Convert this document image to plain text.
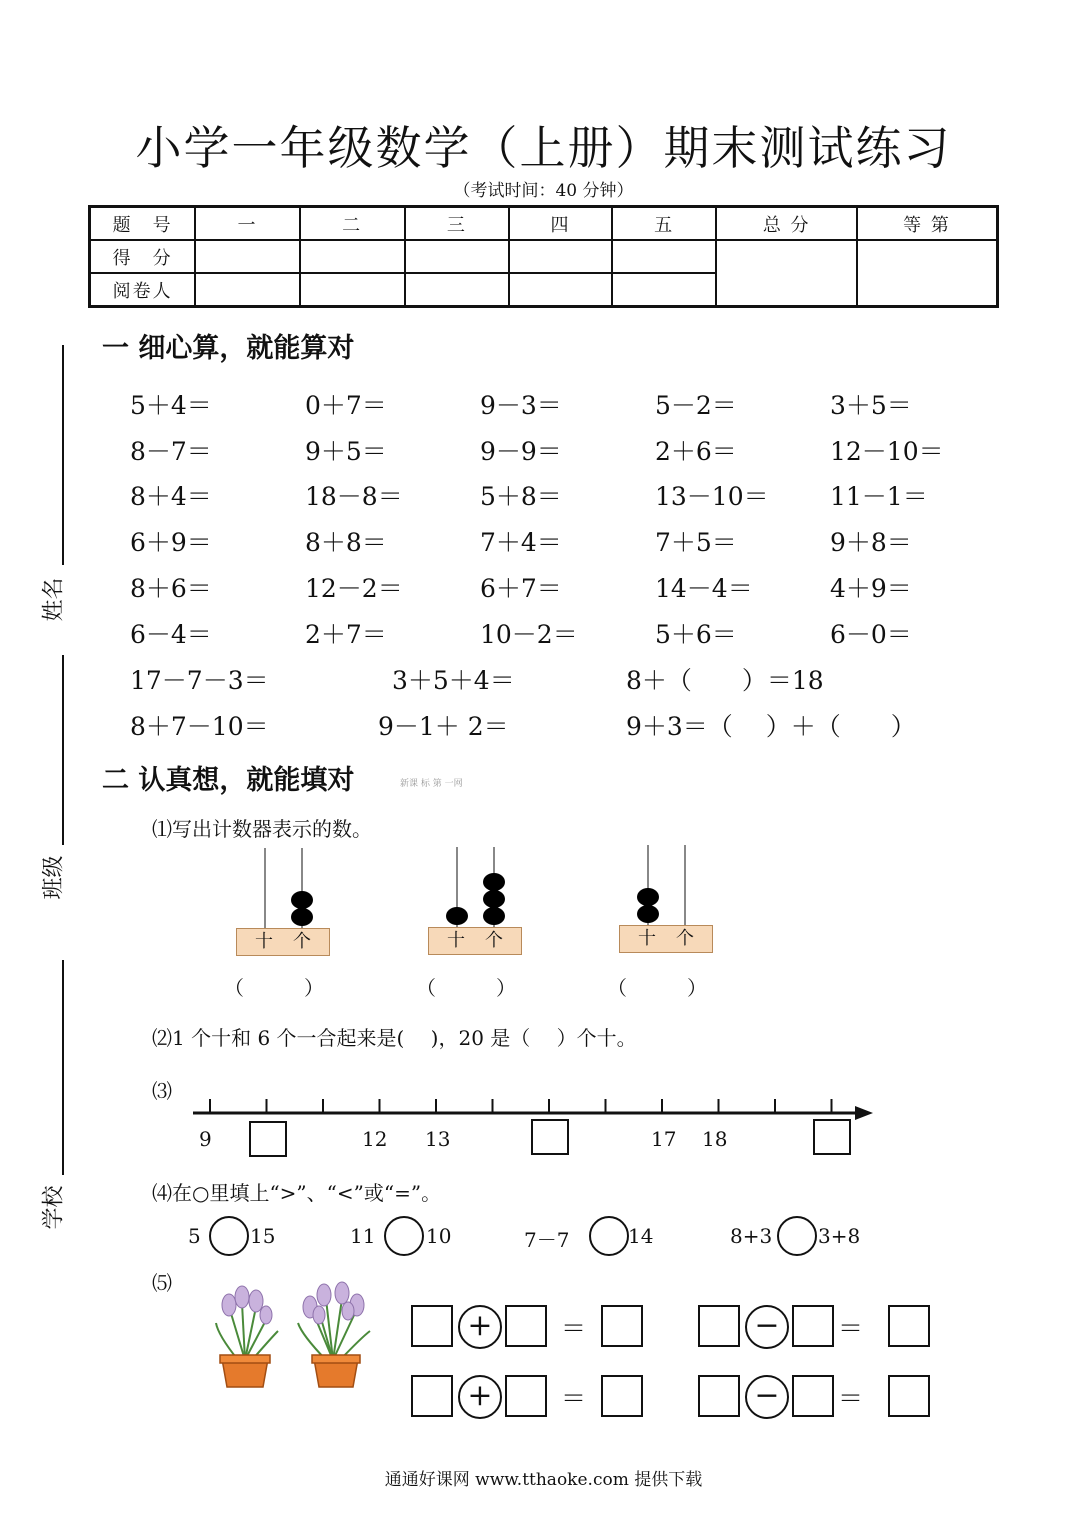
小学一年级数学（上册）期末测试练习
（考试时间：40 分钟）
题　号	一	二	三	四	五	总 分	等 第
得　分							
阅卷人							
姓名
班级
学校
一 细心算，就能算对
5＋4＝	0＋7＝	9－3＝	5－2＝	3＋5＝
8－7＝	9＋5＝	9－9＝	2＋6＝	12－10＝
8＋4＝	18－8＝	5＋8＝	13－10＝ 11－1＝
6＋9＝	8＋8＝	7＋4＝	7＋5＝	9＋8＝
8＋6＝	12－2＝	6＋7＝	14－4＝	4＋9＝
6－4＝	2＋7＝	10－2＝	5＋6＝	6－0＝
17－7－3＝	3＋5＋4＝	8＋（　　）＝18
8＋7－10＝	9－1＋ 2＝	9＋3＝（　 ）＋（　　）
二 认真想，就能填对	新课 标 第 一网
⑴写出计数器表示的数。
十 个
（　　　）
十 个
（　　　）
十 个
（　　　）
⑵1 个十和 6 个一合起来是(　 )，20 是（　 ）个十。
⑶
9	12 13	17 18
⑷在○里填上“>”、“<”或“=”。
5 15	11	10	7－7	14	8+3 3+8
⑸
+	＝	−	＝
+	＝	−	＝
通通好课网 www.tthaoke.com 提供下载
